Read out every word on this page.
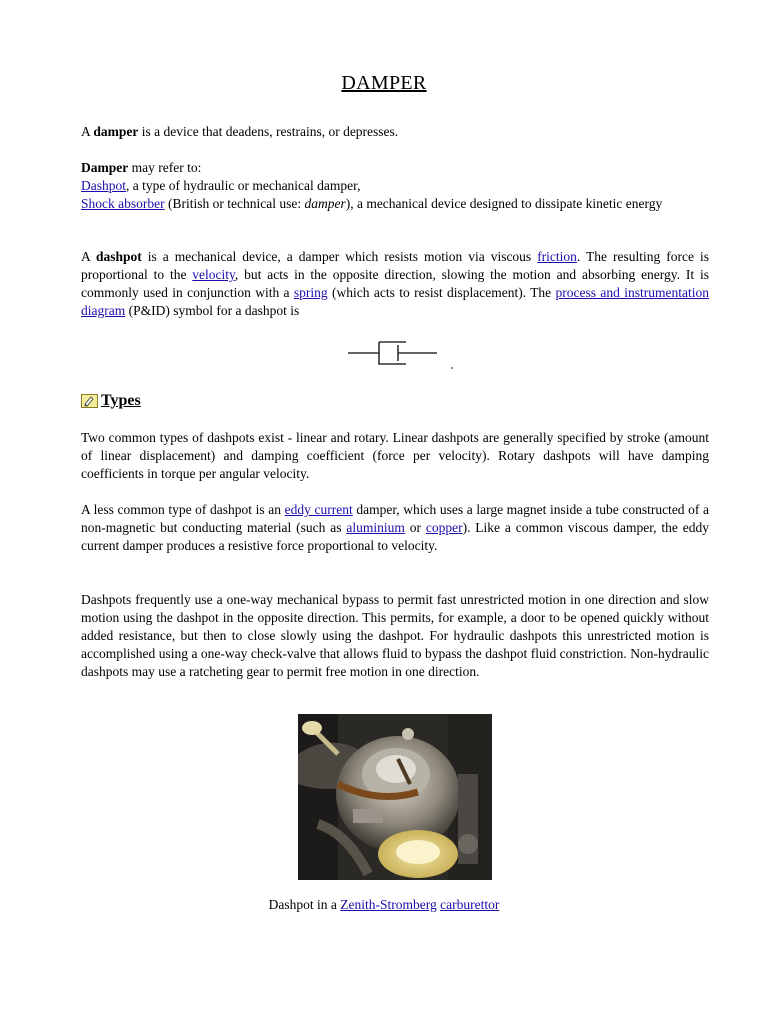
DAMPER

A damper is a device that deadens, restrains, or depresses.

Damper may refer to:

Dashpot, a type of hydraulic or mechanical damper,

Shock absorber (British or technical use: damper), a mechanical device designed to dissipate kinetic energy

A dashpot is a mechanical device, a damper which resists motion via viscous friction. The resulting force is proportional to the velocity, but acts in the opposite direction, slowing the motion and absorbing energy. It is commonly used in conjunction with a spring (which acts to resist displacement). The process and instrumentation diagram (P&ID) symbol for a dashpot is

Types

Two common types of dashpots exist - linear and rotary. Linear dashpots are generally specified by stroke (amount of linear displacement) and damping coefficient (force per velocity). Rotary dashpots will have damping coefficients in torque per angular velocity.

A less common type of dashpot is an eddy current damper, which uses a large magnet inside a tube constructed of a non-magnetic but conducting material (such as aluminium or copper). Like a common viscous damper, the eddy current damper produces a resistive force proportional to velocity.

Dashpots frequently use a one-way mechanical bypass to permit fast unrestricted motion in one direction and slow motion using the dashpot in the opposite direction. This permits, for example, a door to be opened quickly without added resistance, but then to close slowly using the dashpot. For hydraulic dashpots this unrestricted motion is accomplished using a one-way check-valve that allows fluid to bypass the dashpot fluid constriction. Non-hydraulic dashpots may use a ratcheting gear to permit free motion in one direction.

Dashpot in a Zenith-Stromberg carburettor
